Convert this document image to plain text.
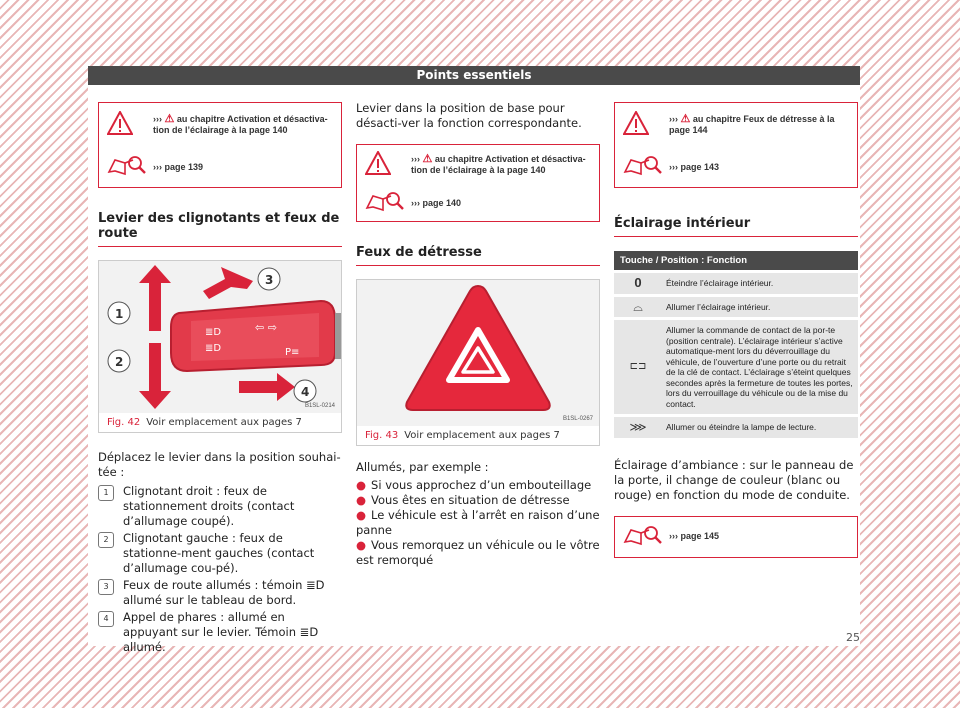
Points essentiels
››› ⚠ au chapitre Activation et désactiva-tion de l’éclairage à la page 140
››› page 139
Levier des clignotants et feux de route
≣D
≣D
⇦ ⇨
P≡
1
2
3
4
B1SL-0214
Fig. 42 Voir emplacement aux pages 7
Déplacez le levier dans la position souhai-tée :
1	Clignotant droit : feux de stationnement droits (contact d’allumage coupé).
2	Clignotant gauche : feux de stationne-ment gauches (contact d’allumage cou-pé).
3	Feux de route allumés : témoin ≣D allumé sur le tableau de bord.
4	Appel de phares : allumé en appuyant sur le levier. Témoin ≣D allumé.
Levier dans la position de base pour désacti-ver la fonction correspondante.
››› ⚠ au chapitre Activation et désactiva-tion de l’éclairage à la page 140
››› page 140
Feux de détresse
B1SL-0267
Fig. 43 Voir emplacement aux pages 7
Allumés, par exemple :
● Si vous approchez d’un embouteillage
● Vous êtes en situation de détresse
● Le véhicule est à l’arrêt en raison d’une panne
● Vous remorquez un véhicule ou le vôtre est remorqué
››› ⚠ au chapitre Feux de détresse à la page 144
››› page 143
Éclairage intérieur
Touche / Position : Fonction	
0	Éteindre l’éclairage intérieur.
⌓	Allumer l’éclairage intérieur.
⊏⊐	Allumer la commande de contact de la por-te (position centrale). L’éclairage intérieur s’active automatique-ment lors du déverrouillage du véhicule, de l’ouverture d’une porte ou du retrait de la clé de contact. L’éclairage s’éteint quelques secondes après la fermeture de toutes les portes, lors du verrouillage du véhicule ou de la mise du contact.
⋙	Allumer ou éteindre la lampe de lecture.
Éclairage d’ambiance : sur le panneau de la porte, il change de couleur (blanc ou rouge) en fonction du mode de conduite.
››› page 145
25
